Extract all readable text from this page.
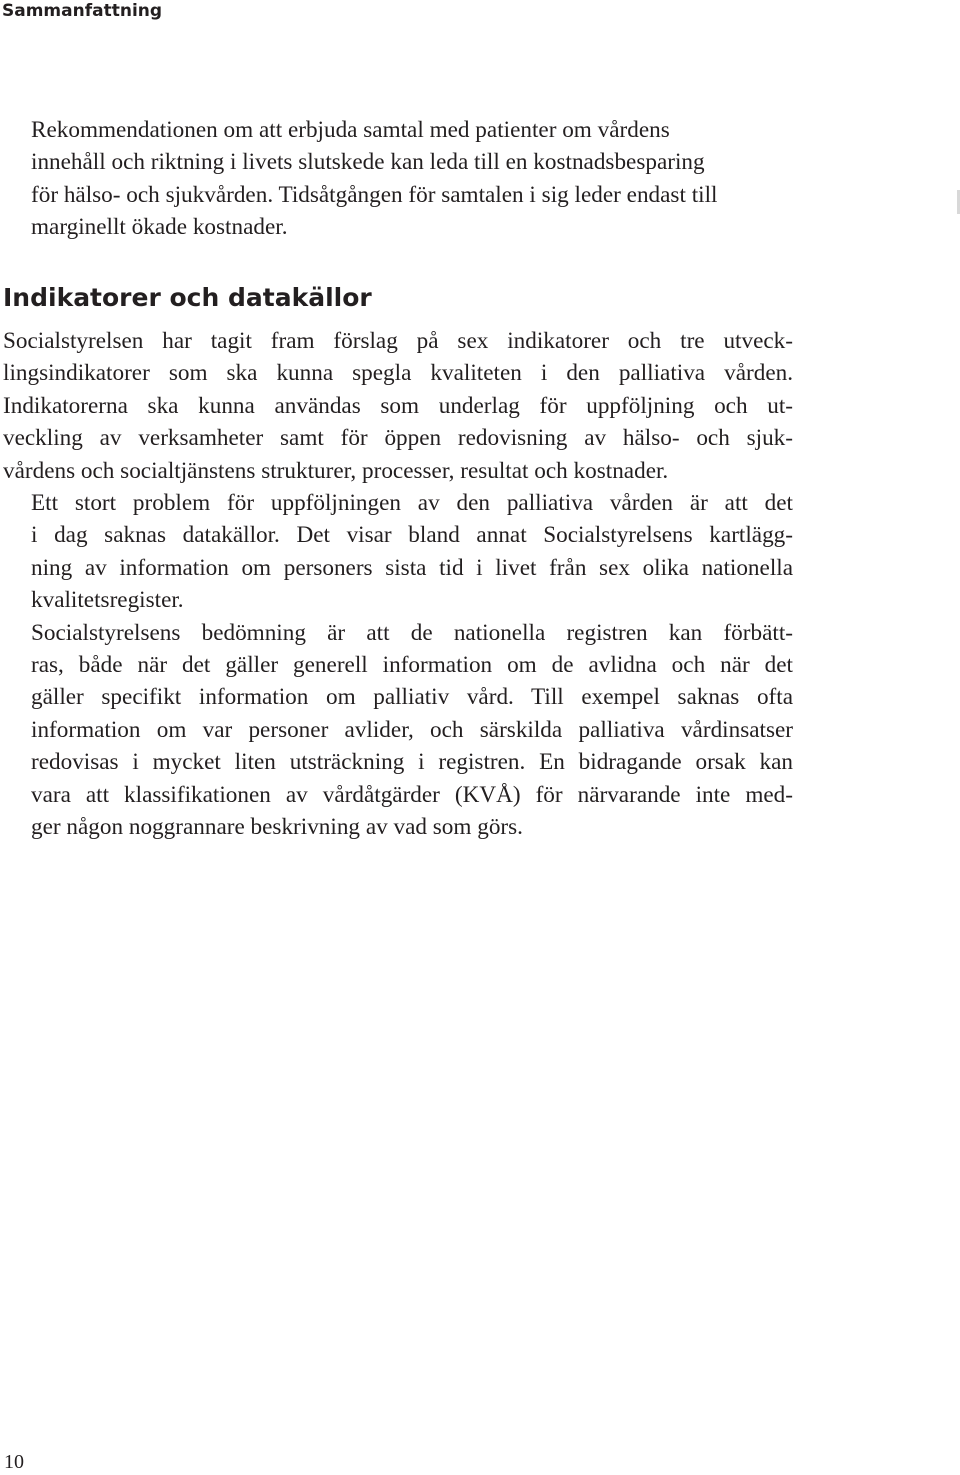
Sammanfattning

Rekommendationen om att erbjuda samtal med patienter om vårdens
innehåll och riktning i livets slutskede kan leda till en kostnadsbesparing
för hälso- och sjukvården. Tidsåtgången för samtalen i sig leder endast till
marginellt ökade kostnader.

Indikatorer och datakällor

Socialstyrelsen har tagit fram förslag på sex indikatorer och tre utveck-
lingsindikatorer som ska kunna spegla kvaliteten i den palliativa vården.
Indikatorerna ska kunna användas som underlag för uppföljning och ut-
veckling av verksamheter samt för öppen redovisning av hälso- och sjuk-
vårdens och socialtjänstens strukturer, processer, resultat och kostnader.

Ett stort problem för uppföljningen av den palliativa vården är att det
i dag saknas datakällor. Det visar bland annat Socialstyrelsens kartlägg-
ning av information om personers sista tid i livet från sex olika nationella
kvalitetsregister.

Socialstyrelsens bedömning är att de nationella registren kan förbätt-
ras, både när det gäller generell information om de avlidna och när det
gäller specifikt information om palliativ vård. Till exempel saknas ofta
information om var personer avlider, och särskilda palliativa vårdinsatser
redovisas i mycket liten utsträckning i registren. En bidragande orsak kan
vara att klassifikationen av vårdåtgärder (KVÅ) för närvarande inte med-
ger någon noggrannare beskrivning av vad som görs.

10
